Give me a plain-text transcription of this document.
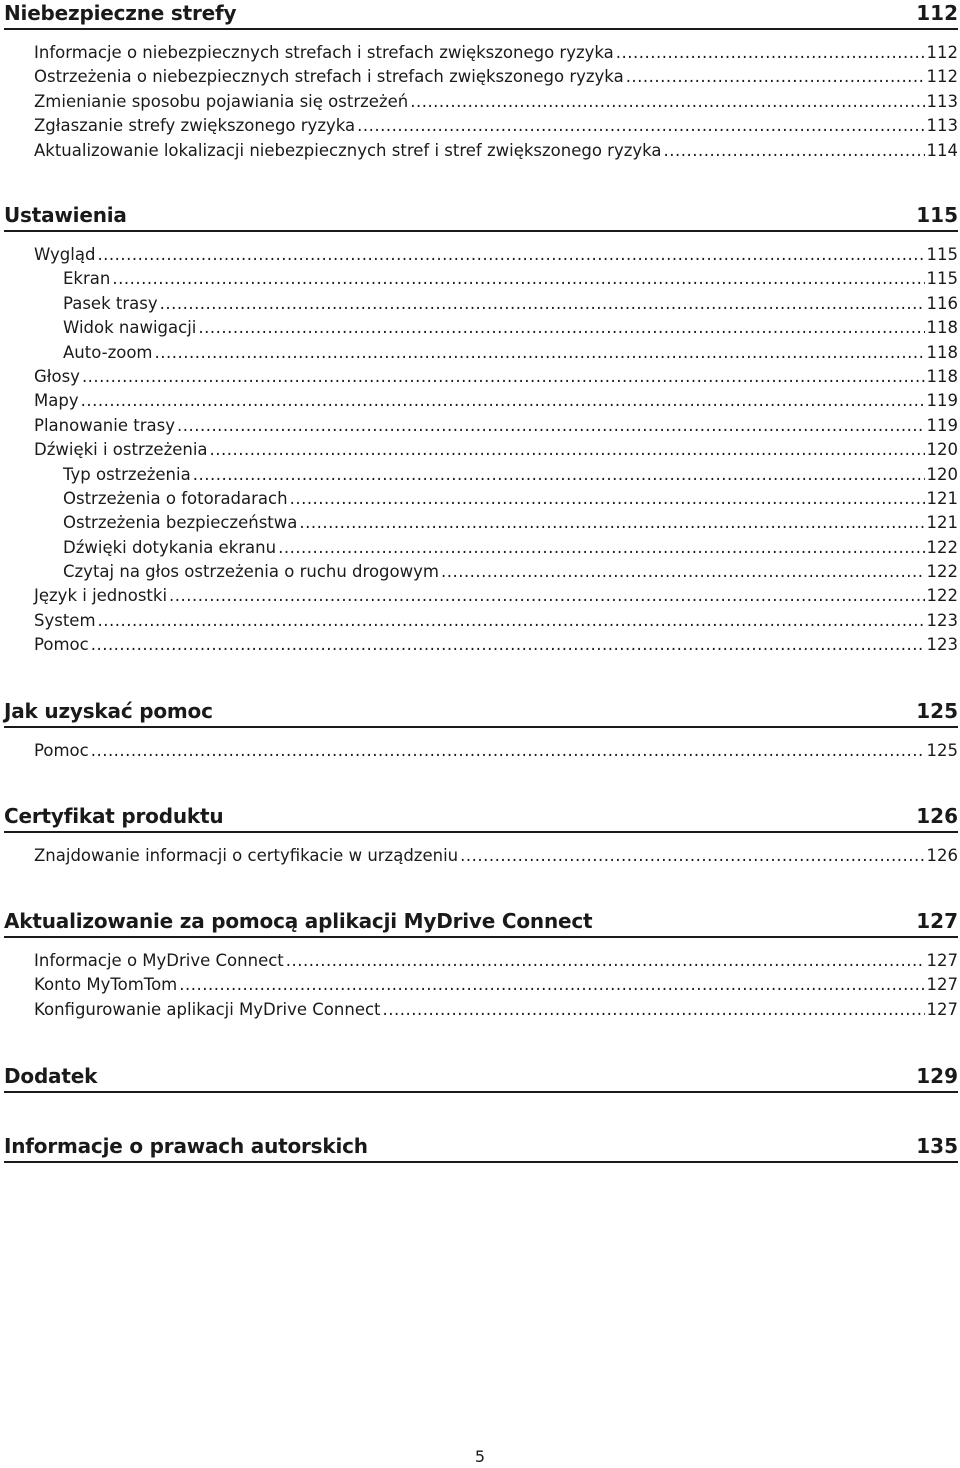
Niebezpieczne strefy	112
Informacje o niebezpiecznych strefach i strefach zwiększonego ryzyka .....	112
Ostrzeżenia o niebezpiecznych strefach i strefach zwiększonego ryzyka .....	112
Zmienianie sposobu pojawiania się ostrzeżeń .....	113
Zgłaszanie strefy zwiększonego ryzyka .....	113
Aktualizowanie lokalizacji niebezpiecznych stref i stref zwiększonego ryzyka .....	114
Ustawienia	115
Wygląd .....	115
Ekran .....	115
Pasek trasy .....	116
Widok nawigacji .....	118
Auto-zoom .....	118
Głosy .....	118
Mapy .....	119
Planowanie trasy .....	119
Dźwięki i ostrzeżenia .....	120
Typ ostrzeżenia .....	120
Ostrzeżenia o fotoradarach .....	121
Ostrzeżenia bezpieczeństwa .....	121
Dźwięki dotykania ekranu .....	122
Czytaj na głos ostrzeżenia o ruchu drogowym .....	122
Język i jednostki .....	122
System .....	123
Pomoc .....	123
Jak uzyskać pomoc	125
Pomoc .....	125
Certyfikat produktu	126
Znajdowanie informacji o certyfikacie w urządzeniu .....	126
Aktualizowanie za pomocą aplikacji MyDrive Connect	127
Informacje o MyDrive Connect .....	127
Konto MyTomTom .....	127
Konfigurowanie aplikacji MyDrive Connect .....	127
Dodatek	129
Informacje o prawach autorskich	135
5
